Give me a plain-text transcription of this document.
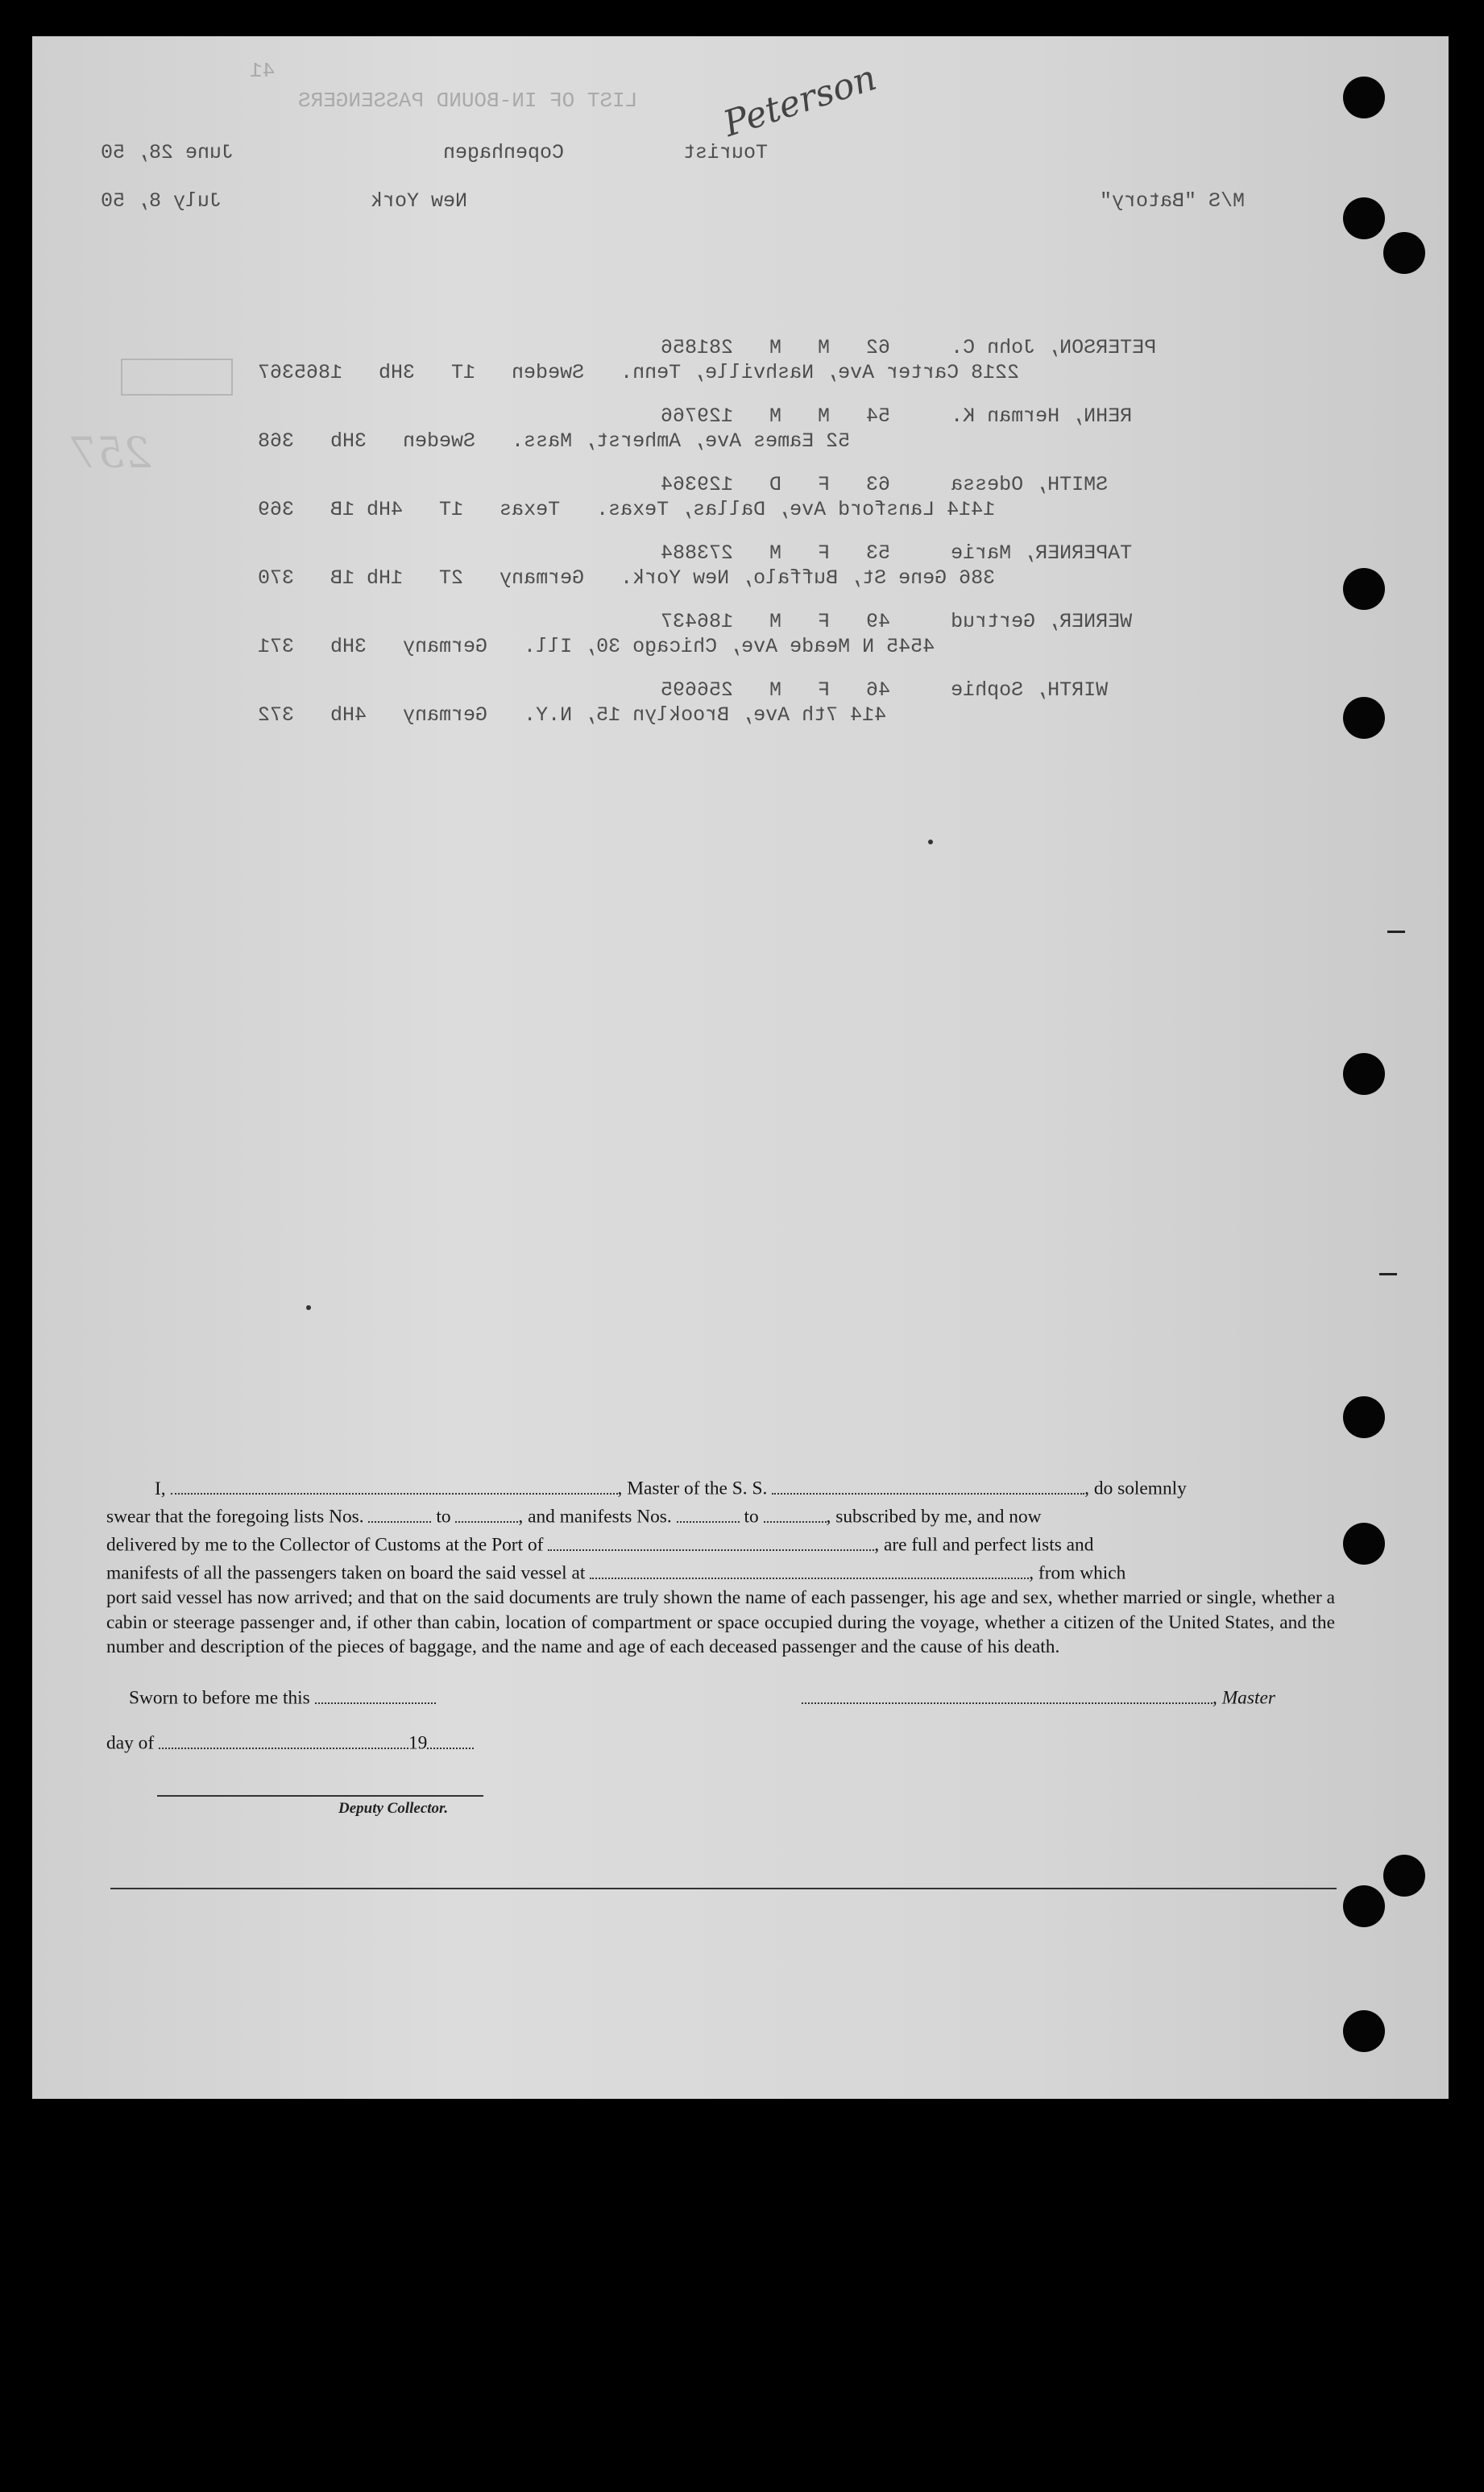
41
LIST OF IN-BOUND PASSENGERS Peterson
Tourist
Copenhagen
June 28, 50
M/S "Batory"
New York
July 8, 50
257
PETERSON, John C.     62   M   M   281856
2218 Carter Ave, Nashville, Tenn.   Sweden   1T   3Hb   1865367
REHN, Herman K.     54   M   M   129766
52 Eames Ave, Amherst, Mass.   Sweden   3Hb   368
SMITH, Odessa     63   F   D   129364
1414 Lansford Ave, Dallas, Texas.   Texas   1T   4Hb 1B   369
TAPERNER, Marie     53   F   M   273884
386 Gene St, Buffalo, New York.   Germany   2T   1Hb 1B   370
WERNER, Gertrud     49   F   M   186437
4545 N Meade Ave, Chicago 30, Ill.   Germany   3Hb   371
WIRTH, Sophie     46   F   M   256695
414 7th Ave, Brooklyn 15, N.Y.   Germany   4Hb   372

I,	, Master of the S. S.	, do solemnly

swear that the foregoing lists Nos.	to	, and manifests Nos.	to	, subscribed by me, and now

delivered by me to the Collector of Customs at the Port of	, are full and perfect lists and

manifests of all the passengers taken on board the said vessel at	, from which

port said vessel has now arrived; and that on the said documents are truly shown the name of each passenger, his age and sex, whether married or single, whether a cabin or steerage passenger and, if other than cabin, location of compartment or space occupied during the voyage, whether a citizen of the United States, and the number and description of the pieces of baggage, and the name and age of each deceased passenger and the cause of his death.

Sworn to before me this	, Master
day of	19
Deputy Collector.
